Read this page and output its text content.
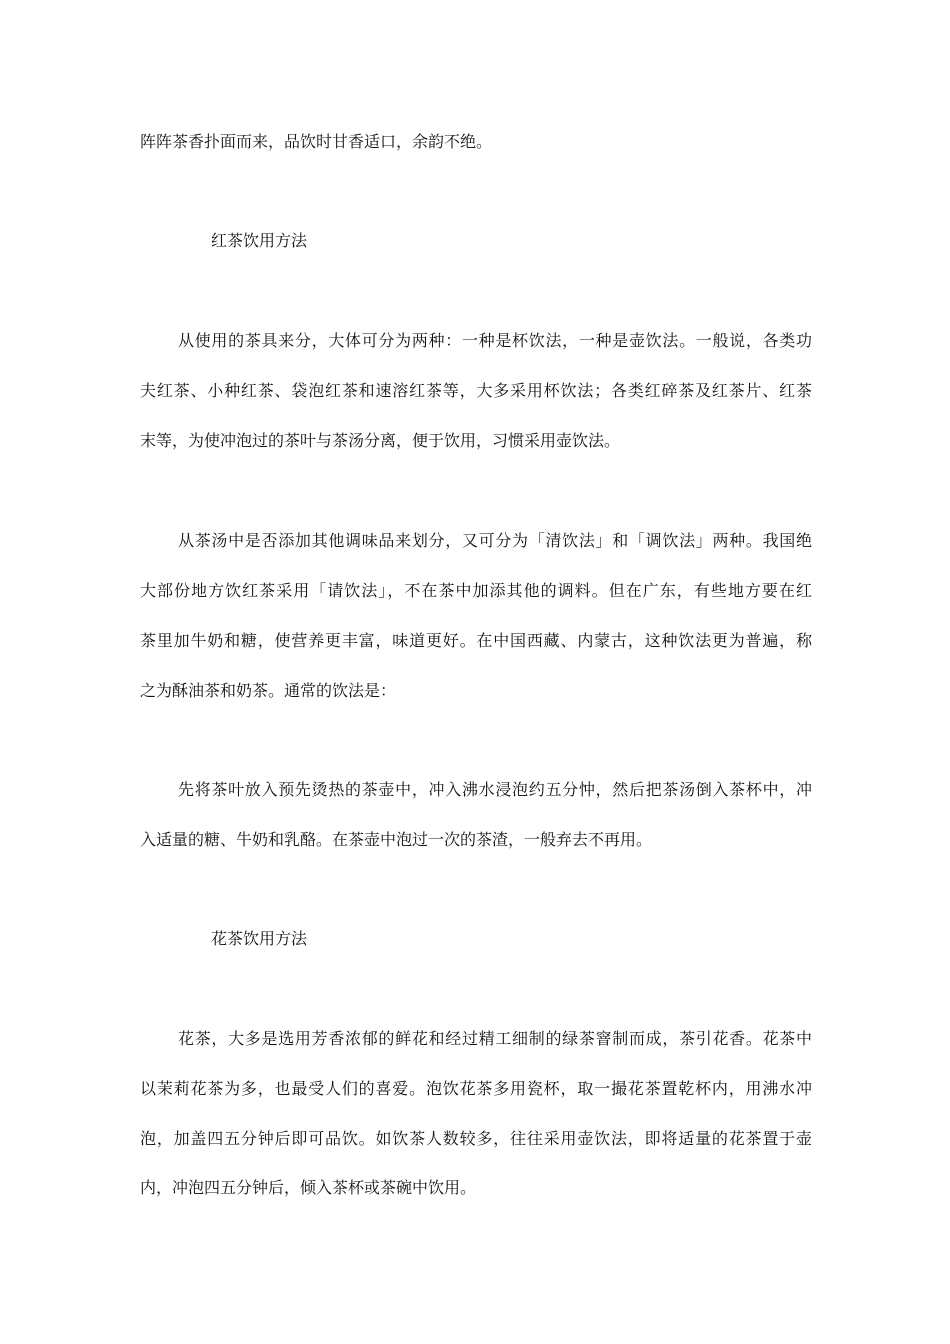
阵阵茶香扑面而来，品饮时甘香适口，余韵不绝。
红茶饮用方法
从使用的茶具来分，大体可分为两种：一种是杯饮法，一种是壶饮法。一般说，各类功
夫红茶、小种红茶、袋泡红茶和速溶红茶等，大多采用杯饮法；各类红碎茶及红茶片、红茶
末等，为使冲泡过的茶叶与茶汤分离，便于饮用，习惯采用壶饮法。
从茶汤中是否添加其他调味品来划分，又可分为「清饮法」和「调饮法」两种。我国绝
大部份地方饮红茶采用「请饮法」，不在茶中加添其他的调料。但在广东，有些地方要在红
茶里加牛奶和糖，使营养更丰富，味道更好。在中国西藏、内蒙古，这种饮法更为普遍，称
之为酥油茶和奶茶。通常的饮法是：
先将茶叶放入预先烫热的茶壶中，冲入沸水浸泡约五分忡，然后把茶汤倒入茶杯中，冲
入适量的糖、牛奶和乳酪。在茶壶中泡过一次的茶渣，一般弃去不再用。
花茶饮用方法
花茶，大多是选用芳香浓郁的鲜花和经过精工细制的绿茶窨制而成，茶引花香。花茶中
以茉莉花茶为多，也最受人们的喜爱。泡饮花茶多用瓷杯，取一撮花茶置乾杯内，用沸水冲
泡，加盖四五分钟后即可品饮。如饮茶人数较多，往往采用壶饮法，即将适量的花茶置于壶
内，冲泡四五分钟后，倾入茶杯或茶碗中饮用。
